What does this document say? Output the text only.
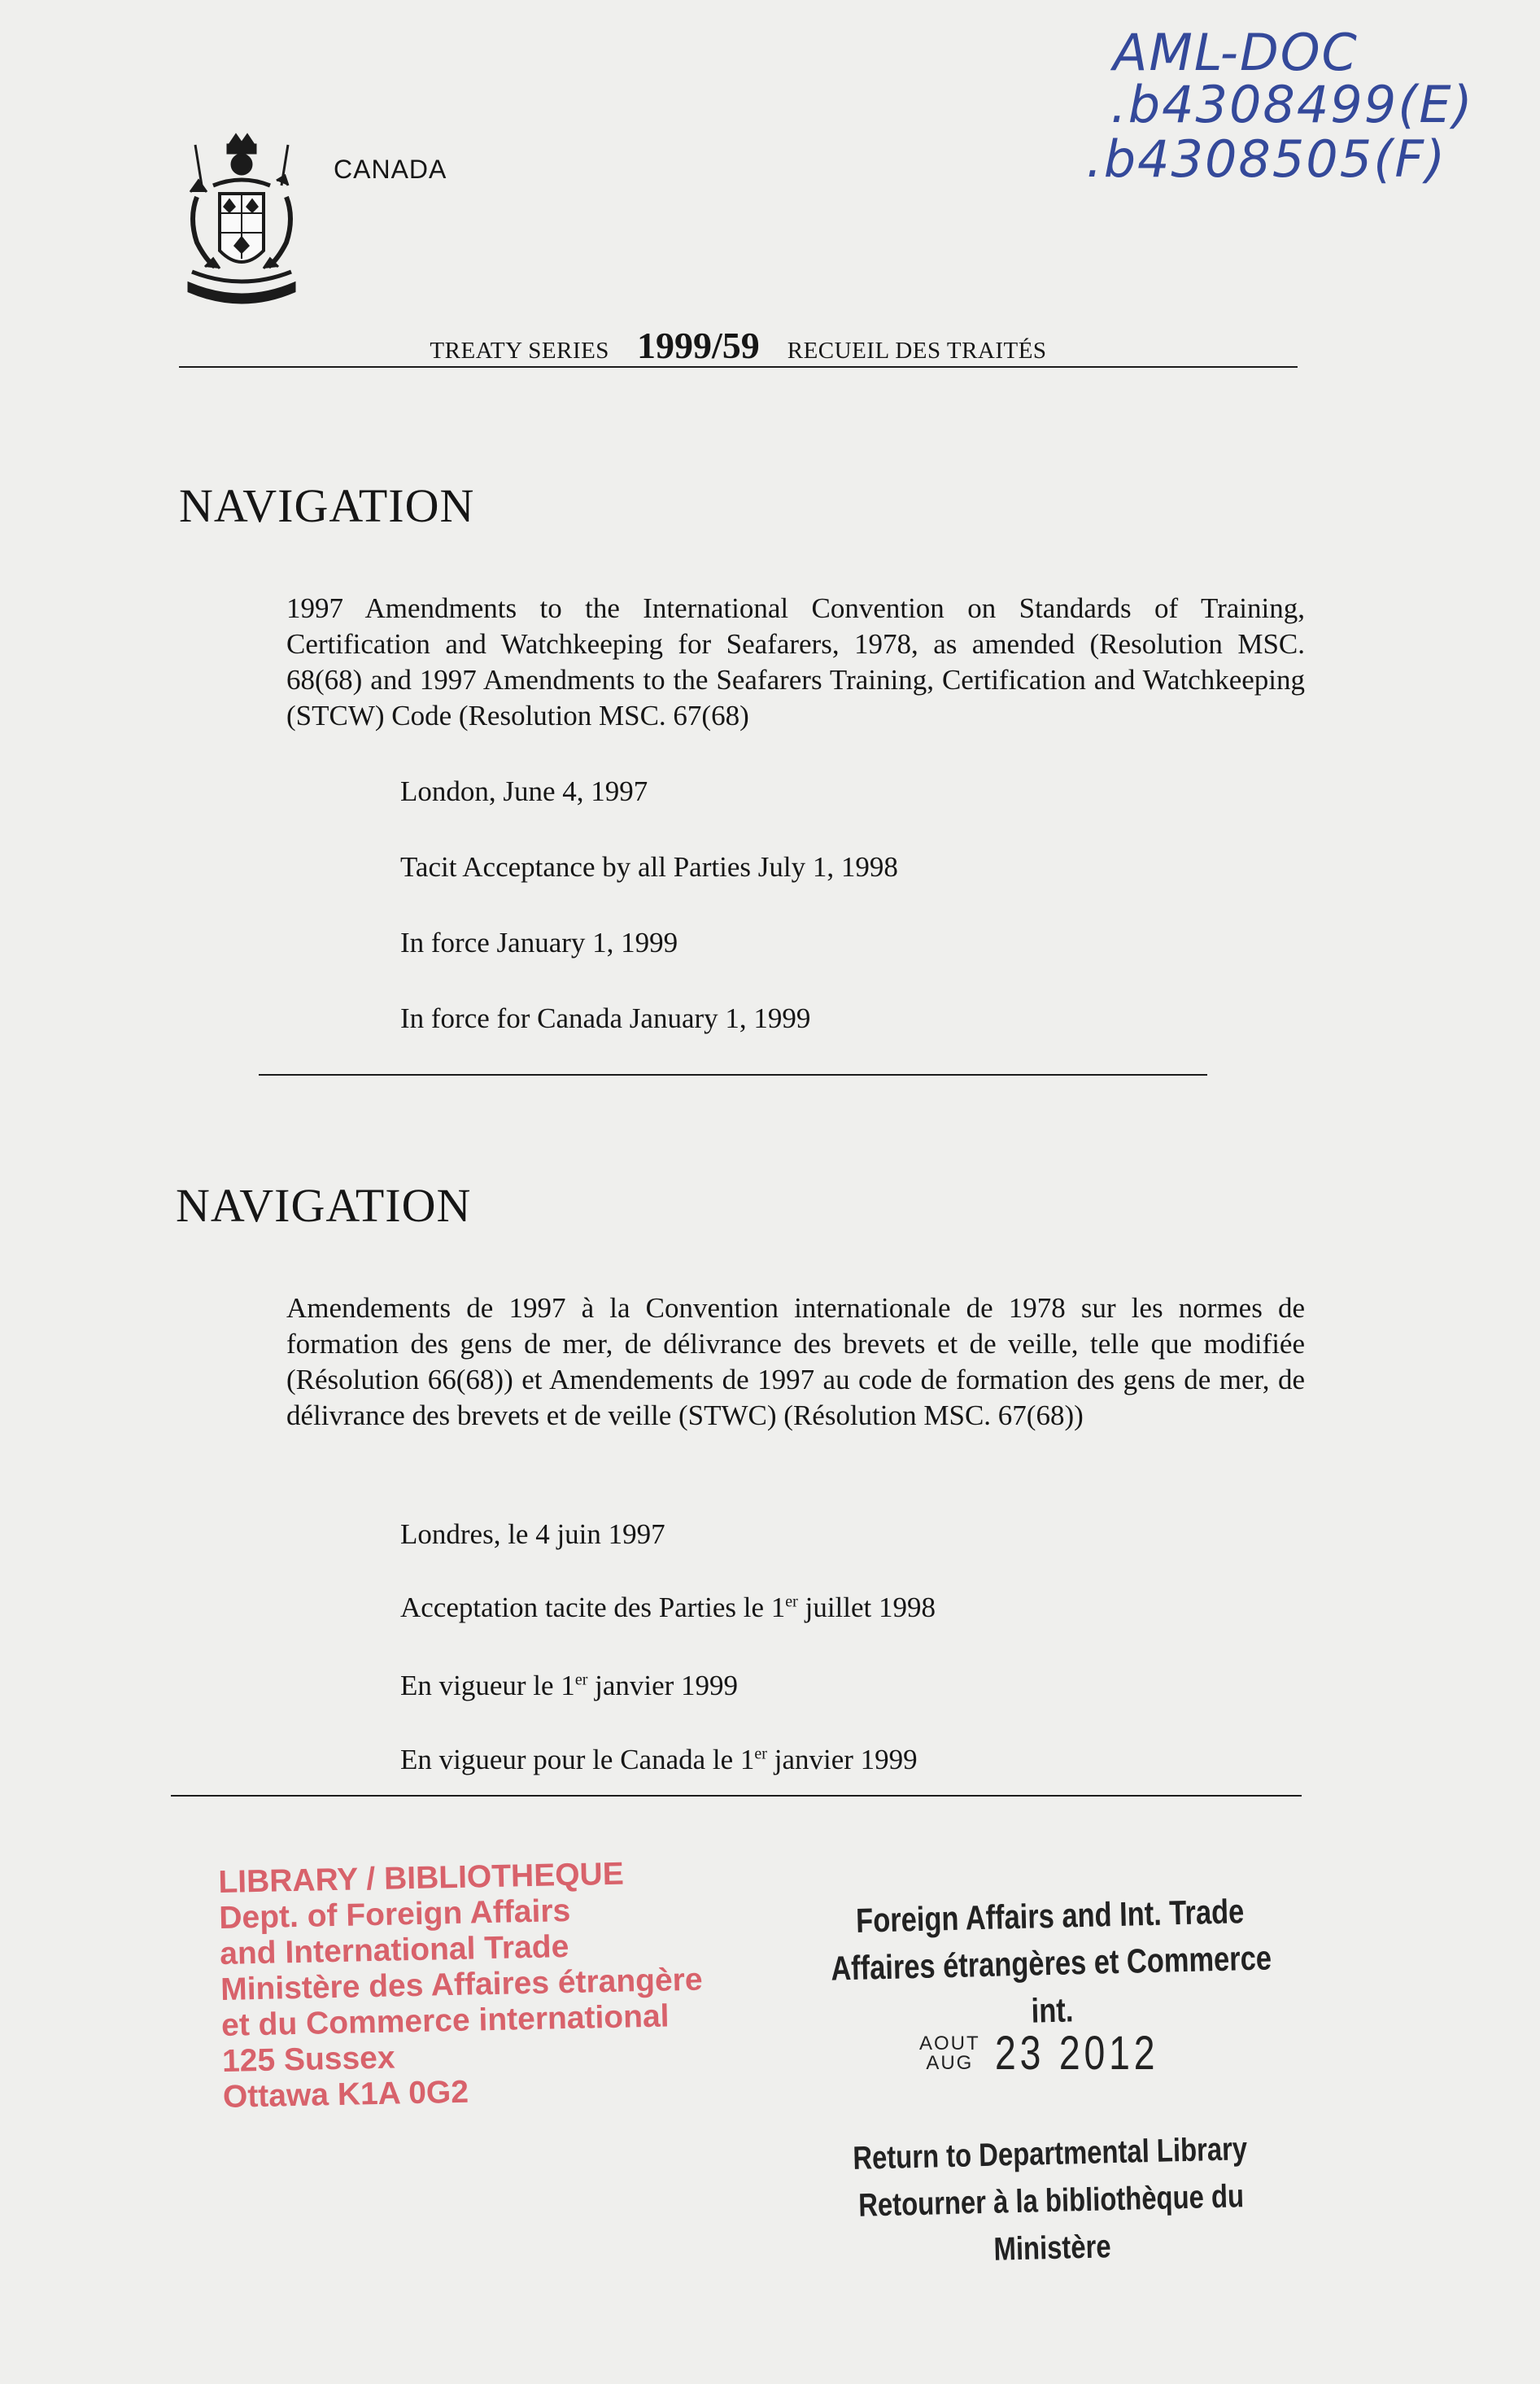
AML-DOC
.b4308499(E)
.b4308505(F)
CANADA
TREATY SERIES 1999/59 RECUEIL DES TRAITÉS
NAVIGATION
1997 Amendments to the International Convention on Standards of Training, Certification and Watchkeeping for Seafarers, 1978, as amended (Resolution MSC. 68(68) and 1997 Amendments to the Seafarers Training, Certification and Watchkeeping (STCW) Code (Resolution MSC. 67(68)
London, June 4, 1997
Tacit Acceptance by all Parties July 1, 1998
In force January 1, 1999
In force for Canada January 1, 1999
NAVIGATION
Amendements de 1997 à la Convention internationale de 1978 sur les normes de formation des gens de mer, de délivrance des brevets et de veille, telle que modifiée (Résolution 66(68)) et Amendements de 1997 au code de formation des gens de mer, de délivrance des brevets et de veille (STWC) (Résolution MSC. 67(68))
Londres, le 4 juin 1997
Acceptation tacite des Parties le 1er juillet 1998
En vigueur le 1er janvier 1999
En vigueur pour le Canada le 1er janvier 1999
LIBRARY / BIBLIOTHEQUE
Dept. of Foreign Affairs
and International Trade
Ministère des Affaires étrangère
et du Commerce international
125 Sussex
Ottawa K1A 0G2
Foreign Affairs and Int. Trade
Affaires étrangères et Commerce int.
AOUT
AUG 23 2012
Return to Departmental Library
Retourner à la bibliothèque du Ministère
